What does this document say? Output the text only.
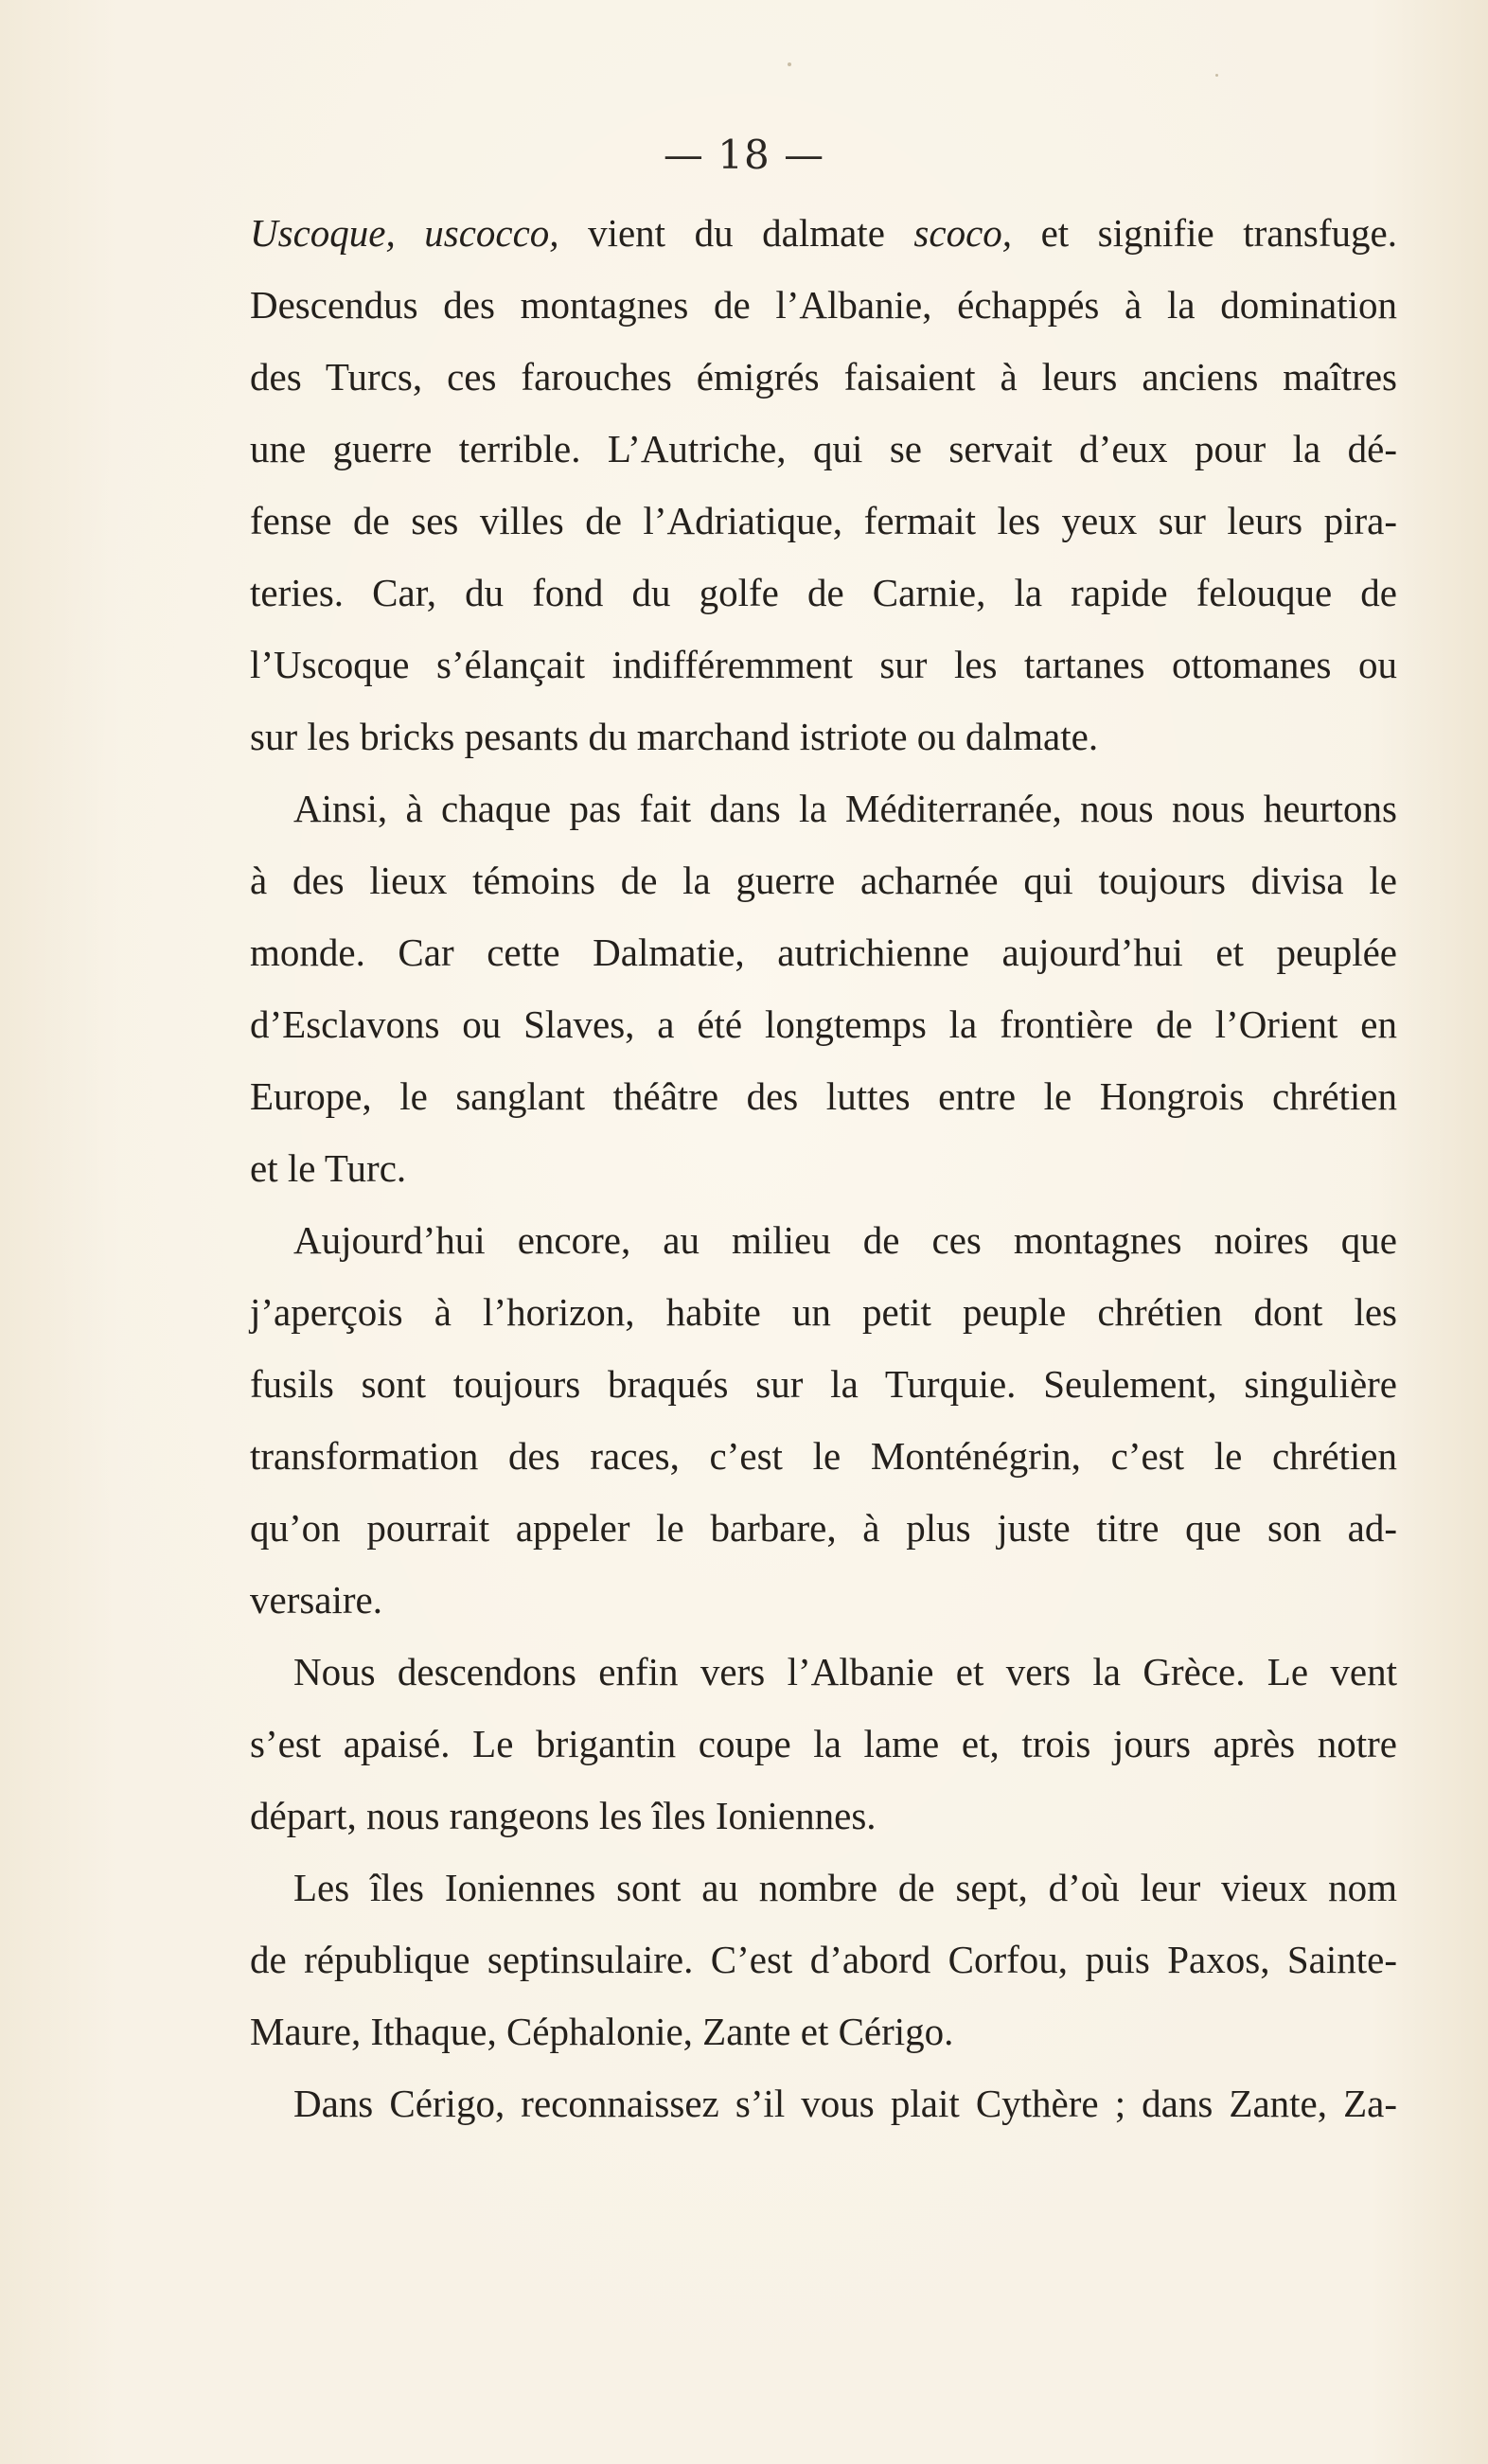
— 18 —
Uscoque, uscocco, vient du dalmate scoco, et signifie transfuge.
Descendus des montagnes de l’Albanie, échappés à la domination
des Turcs, ces farouches émigrés faisaient à leurs anciens maîtres
une guerre terrible. L’Autriche, qui se servait d’eux pour la dé-
fense de ses villes de l’Adriatique, fermait les yeux sur leurs pira-
teries. Car, du fond du golfe de Carnie, la rapide felouque de
l’Uscoque s’élançait indifféremment sur les tartanes ottomanes ou
sur les bricks pesants du marchand istriote ou dalmate.
Ainsi, à chaque pas fait dans la Méditerranée, nous nous heurtons
à des lieux témoins de la guerre acharnée qui toujours divisa le
monde. Car cette Dalmatie, autrichienne aujourd’hui et peuplée
d’Esclavons ou Slaves, a été longtemps la frontière de l’Orient en
Europe, le sanglant théâtre des luttes entre le Hongrois chrétien
et le Turc.
Aujourd’hui encore, au milieu de ces montagnes noires que
j’aperçois à l’horizon, habite un petit peuple chrétien dont les
fusils sont toujours braqués sur la Turquie. Seulement, singulière
transformation des races, c’est le Monténégrin, c’est le chrétien
qu’on pourrait appeler le barbare, à plus juste titre que son ad-
versaire.
Nous descendons enfin vers l’Albanie et vers la Grèce. Le vent
s’est apaisé. Le brigantin coupe la lame et, trois jours après notre
départ, nous rangeons les îles Ioniennes.
Les îles Ioniennes sont au nombre de sept, d’où leur vieux nom
de république septinsulaire. C’est d’abord Corfou, puis Paxos, Sainte-
Maure, Ithaque, Céphalonie, Zante et Cérigo.
Dans Cérigo, reconnaissez s’il vous plait Cythère ; dans Zante, Za-
